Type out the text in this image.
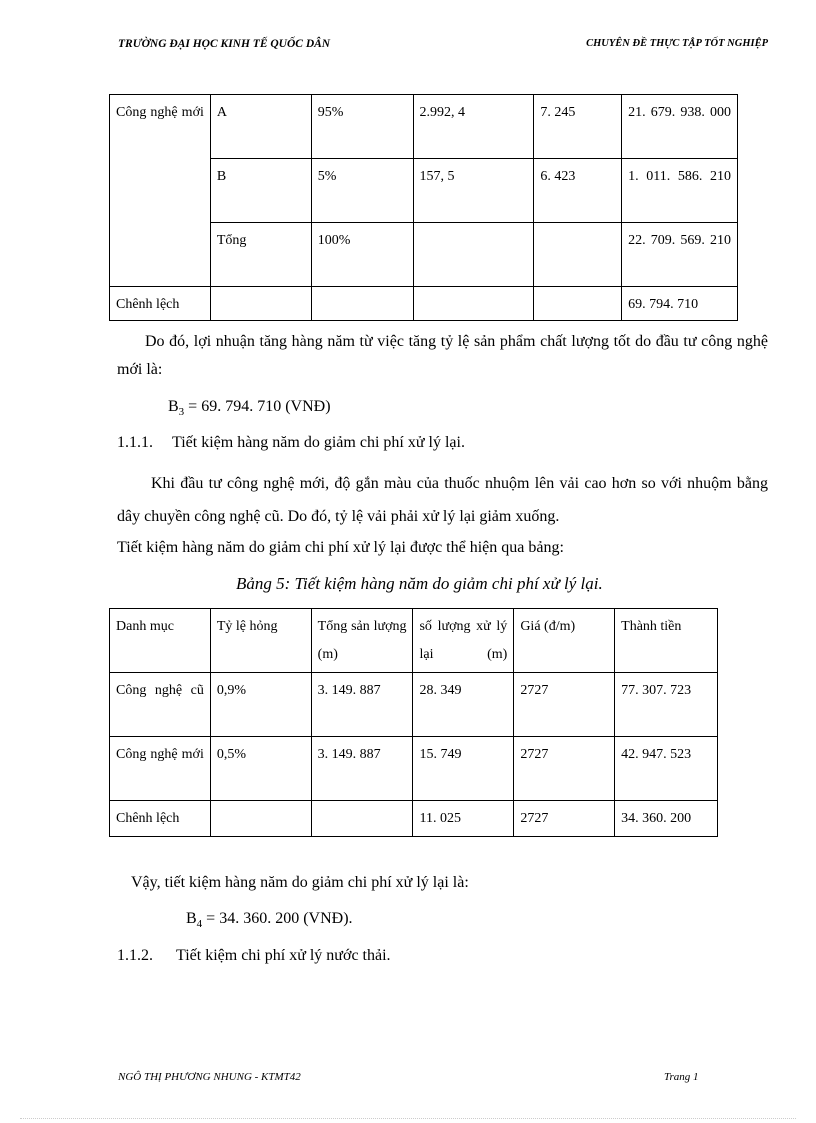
TRƯỜNG ĐẠI HỌC KINH TẾ QUỐC DÂN	CHUYÊN ĐỀ THỰC TẬP TỐT NGHIỆP
Công nghệ mới	A	95%	2.992, 4	7. 245	21. 679. 938. 000

	B	5%	157, 5	6. 423	1. 011. 586. 210

	Tổng	100%			22. 709. 569. 210

Chênh lệch					69. 794. 710

Do đó, lợi nhuận tăng hàng năm từ việc tăng tỷ lệ sản phẩm chất lượng tốt do đầu tư công nghệ mới là:

$B_3 = 69$. 794. 710 (VNĐ)

1.1.1. Tiết kiệm hàng năm do giảm chi phí xử lý lại.

Khi đầu tư công nghệ mới, độ gắn màu của thuốc nhuộm lên vải cao hơn so với nhuộm bằng dây chuyền công nghệ cũ. Do đó, tỷ lệ vải phải xử lý lại giảm xuống.

Tiết kiệm hàng năm do giảm chi phí xử lý lại được thể hiện qua bảng:

Bảng 5: Tiết kiệm hàng năm do giảm chi phí xử lý lại.

Danh mục	Tỷ lệ hỏng	Tổng sản lượng (m)	số lượng xử lý lại (m)	Giá (đ/m)	Thành tiền

Công nghệ cũ	0,9%	3. 149. 887	28. 349	2727	77. 307. 723

Công nghệ mới	0,5%	3. 149. 887	15. 749	2727	42. 947. 523
Chênh lệch			11. 025	2727	34. 360. 200

Vậy, tiết kiệm hàng năm do giảm chi phí xử lý lại là:

$B_4 = 34$. 360. 200 (VNĐ).

1.1.2. Tiết kiệm chi phí xử lý nước thải.

NGÔ THỊ PHƯƠNG NHUNG - KTMT42	Trang 1
